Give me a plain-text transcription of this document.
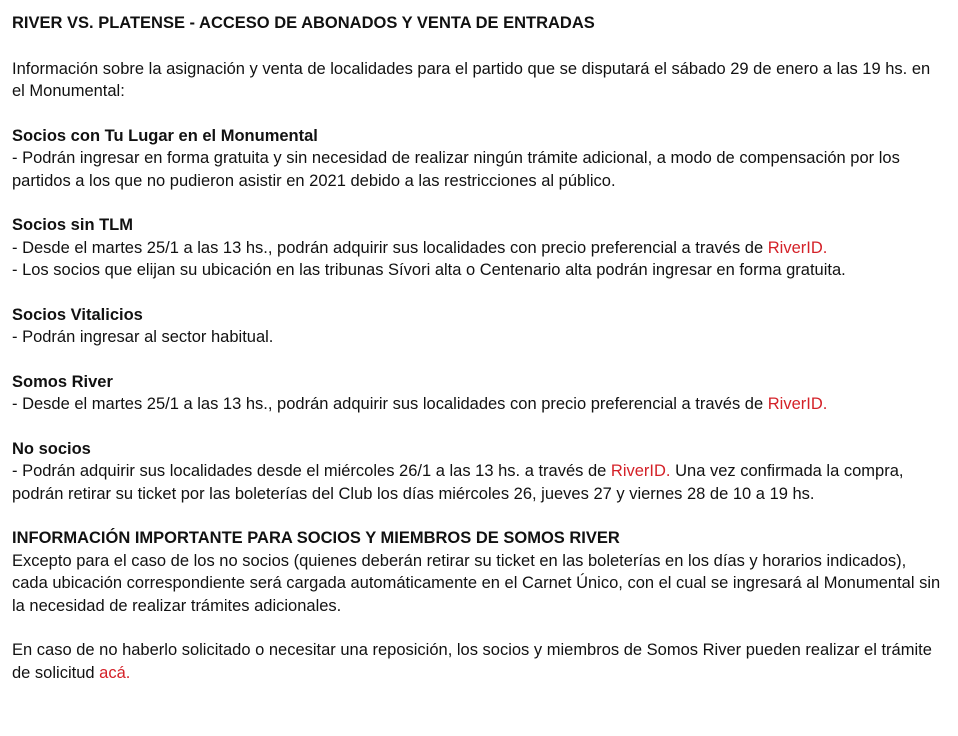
RIVER VS. PLATENSE - ACCESO DE ABONADOS Y VENTA DE ENTRADAS

Información sobre la asignación y venta de localidades para el partido que se disputará el sábado 29 de enero a las 19 hs. en el Monumental:

Socios con Tu Lugar en el Monumental
- Podrán ingresar en forma gratuita y sin necesidad de realizar ningún trámite adicional, a modo de compensación por los partidos a los que no pudieron asistir en 2021 debido a las restricciones al público.

Socios sin TLM
- Desde el martes 25/1 a las 13 hs., podrán adquirir sus localidades con precio preferencial a través de RiverID.
- Los socios que elijan su ubicación en las tribunas Sívori alta o Centenario alta podrán ingresar en forma gratuita.

Socios Vitalicios
- Podrán ingresar al sector habitual.

Somos River
- Desde el martes 25/1 a las 13 hs., podrán adquirir sus localidades con precio preferencial a través de RiverID.

No socios
- Podrán adquirir sus localidades desde el miércoles 26/1 a las 13 hs. a través de RiverID. Una vez confirmada la compra, podrán retirar su ticket por las boleterías del Club los días miércoles 26, jueves 27 y viernes 28 de 10 a 19 hs.

INFORMACIÓN IMPORTANTE PARA SOCIOS Y MIEMBROS DE SOMOS RIVER
Excepto para el caso de los no socios (quienes deberán retirar su ticket en las boleterías en los días y horarios indicados), cada ubicación correspondiente será cargada automáticamente en el Carnet Único, con el cual se ingresará al Monumental sin la necesidad de realizar trámites adicionales.

En caso de no haberlo solicitado o necesitar una reposición, los socios y miembros de Somos River pueden realizar el trámite de solicitud acá.
